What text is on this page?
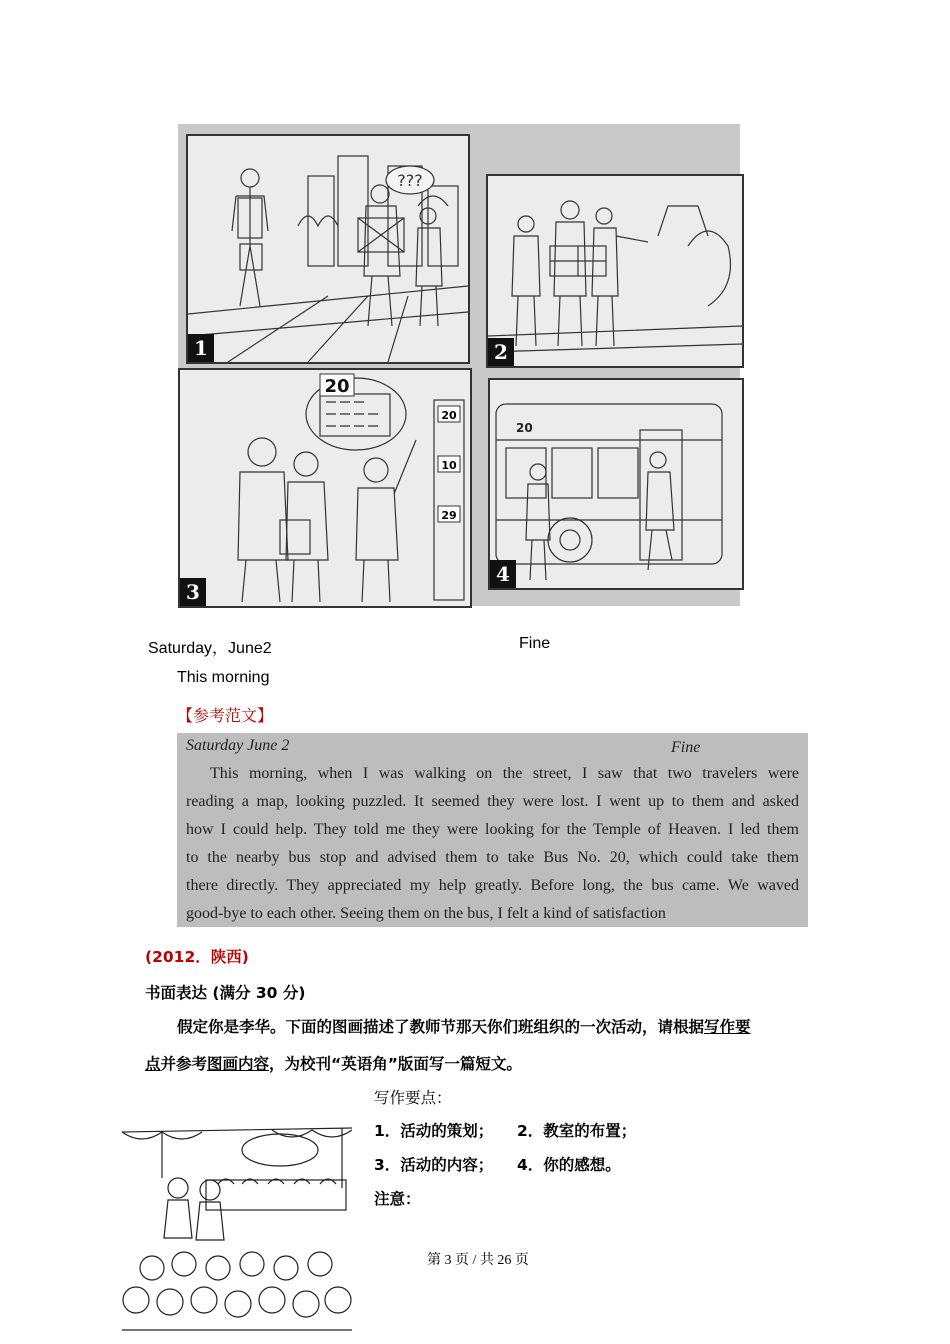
???
1	2
20
20
10
29
3
20
4
Saturday，June2	Fine
This morning
【参考范文】
Saturday June 2	Fine

This morning, when I was walking on the street, I saw that two travelers were

reading a map, looking puzzled. It seemed they were lost. I went up to them and asked

how I could help. They told me they were looking for the Temple of Heaven. I led them

to the nearby bus stop and advised them to take Bus No. 20, which could take them

there directly. They appreciated my help greatly. Before long, the bus came. We waved

good-bye to each other. Seeing them on the bus, I felt a kind of satisfaction

(2012．陕西)
书面表达 (满分 30 分)
假定你是李华。下面的图画描述了教师节那天你们班组织的一次活动，请根据写作要
点并参考图画内容，为校刊“英语角”版面写一篇短文。
写作要点：
1．活动的策划； 2．教室的布置；
3．活动的内容； 4．你的感想。
注意：
第 3 页 / 共 26 页
